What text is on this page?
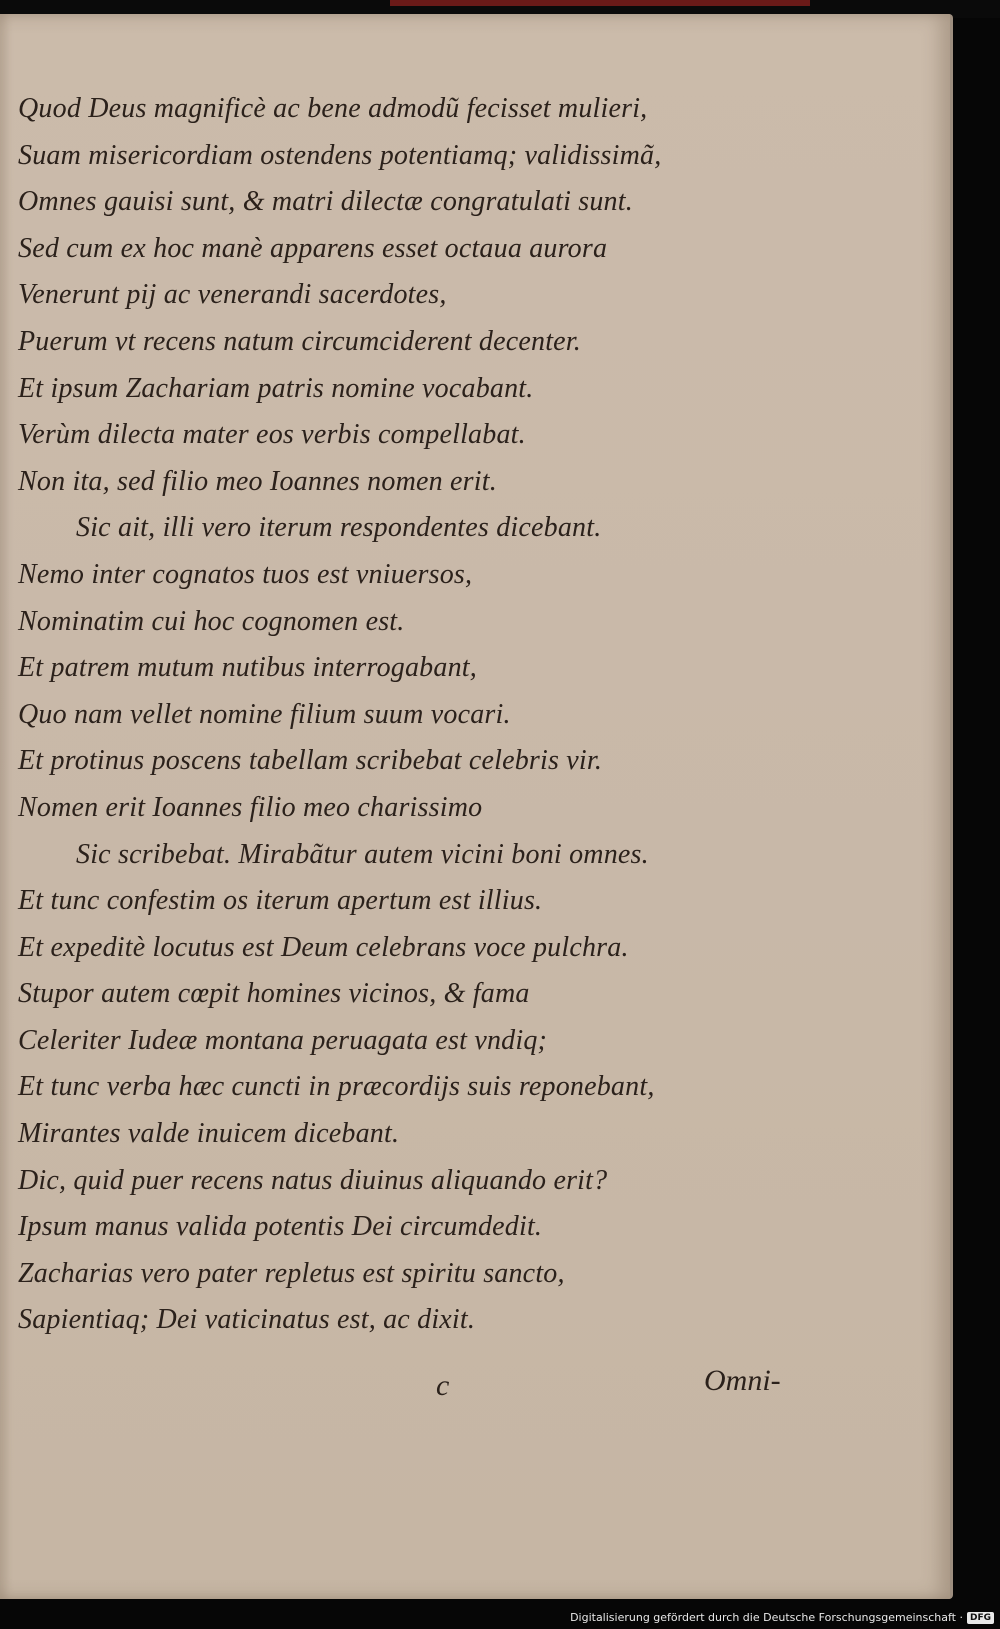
Quod Deus magnificè ac bene admodũ fecisset mulieri,
Suam misericordiam ostendens potentiamq; validissimã,
Omnes gauisi sunt, & matri dilectæ congratulati sunt.
Sed cum ex hoc manè apparens esset octaua aurora
Venerunt pij ac venerandi sacerdotes,
Puerum vt recens natum circumciderent decenter.
Et ipsum Zachariam patris nomine vocabant.
Verùm dilecta mater eos verbis compellabat.
Non ita, sed filio meo Ioannes nomen erit.
Sic ait, illi vero iterum respondentes dicebant.
Nemo inter cognatos tuos est vniuersos,
Nominatim cui hoc cognomen est.
Et patrem mutum nutibus interrogabant,
Quo nam vellet nomine filium suum vocari.
Et protinus poscens tabellam scribebat celebris vir.
Nomen erit Ioannes filio meo charissimo
Sic scribebat. Mirabãtur autem vicini boni omnes.
Et tunc confestim os iterum apertum est illius.
Et expeditè locutus est Deum celebrans voce pulchra.
Stupor autem cœpit homines vicinos, & fama
Celeriter Iudeæ montana peruagata est vndiq;
Et tunc verba hæc cuncti in præcordijs suis reponebant,
Mirantes valde inuicem dicebant.
Dic, quid puer recens natus diuinus aliquando erit?
Ipsum manus valida potentis Dei circumdedit.
Zacharias vero pater repletus est spiritu sancto,
Sapientiaq; Dei vaticinatus est, ac dixit.
c	Omni-
Digitalisierung gefördert durch die Deutsche Forschungsgemeinschaft · DFG
